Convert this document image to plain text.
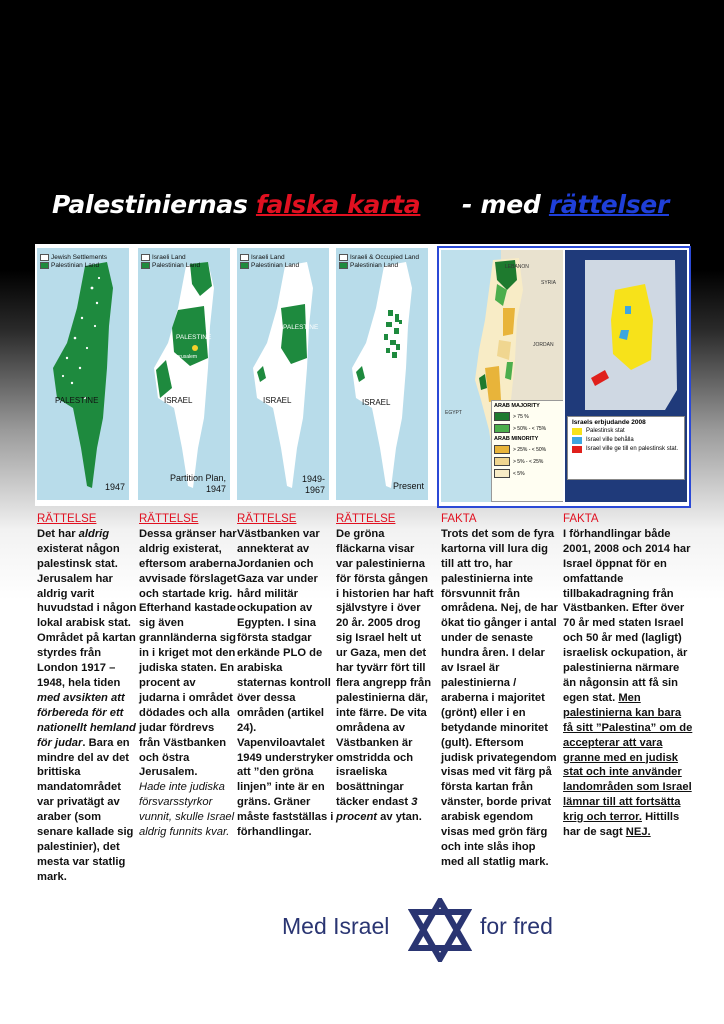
Palestiniernas falska karta - med rättelser
Jewish Settlements
Palestinian Land
PALESTINE
1947
Israeli Land
Palestinian Land
PALESTINE
Jerusalem
ISRAEL
Partition Plan, 1947
Israeli Land
Palestinian Land
PALESTINE
ISRAEL
1949-1967
Israeli & Occupied Land
Palestinian Land
ISRAEL
Present
LEBANON
SYRIA
JORDAN
EGYPT
ARAB MAJORITY
> 75 %
> 50% - < 75%
ARAB MINORITY
> 25% - < 50%
> 5% - < 25%
< 5%
Israels erbjudande 2008
Palestinsk stat
Israel ville behålla
Israel ville ge till en palestinsk stat.
RÄTTELSE
Det har aldrig existerat någon palestinsk stat. Jerusalem har aldrig varit huvudstad i någon lokal arabisk stat. Området på kartan styrdes från London 1917 – 1948, hela tiden med avsikten att förbereda för ett nationellt hemland för judar. Bara en mindre del av det brittiska mandatområdet var privatägt av araber (som senare kallade sig palestinier), det mesta var statlig mark.
RÄTTELSE
Dessa gränser har aldrig existerat, eftersom araberna avvisade förslaget och startade krig. Efterhand kastade sig även grannländerna sig in i kriget mot den judiska staten. En procent av judarna i området dödades och alla judar fördrevs från Västbanken och östra Jerusalem.
Hade inte judiska försvarsstyrkor vunnit, skulle Israel aldrig funnits kvar.
RÄTTELSE
Västbanken var annekterat av Jordanien och Gaza var under hård militär ockupation av Egypten. I sina första stadgar erkände PLO de arabiska staternas kontroll över dessa områden (artikel 24). Vapenviloavtalet 1949 understryker att ”den gröna linjen” inte är en gräns. Gräner måste fastställas i förhandlingar.
RÄTTELSE
De gröna fläckarna visar var palestinierna för första gången i historien har haft självstyre i över 20 år. 2005 drog sig Israel helt ut ur Gaza, men det har tyvärr fört till flera angrepp från palestinierna där, inte färre. De vita områdena av Västbanken är omstridda och israeliska bosättningar täcker endast 3 procent av ytan.
FAKTA
Trots det som de fyra kartorna vill lura dig till att tro, har palestinierna inte försvunnit från områdena. Nej, de har ökat tio gånger i antal under de senaste hundra åren. I delar av Israel är palestinierna / araberna i majoritet (grönt) eller i en betydande minoritet (gult). Eftersom judisk privategendom visas med vit färg på första kartan från vänster, borde privat arabisk egendom visas med grön färg och inte slås ihop med all statlig mark.
FAKTA
I förhandlingar både 2001, 2008 och 2014 har Israel öppnat för en omfattande tillbakadragning från Västbanken. Efter över 70 år med staten Israel och 50 år med (lagligt) israelisk ockupation, är palestinierna närmare än någonsin att få sin egen stat. Men palestinierna kan bara få sitt ”Palestina” om de accepterar att vara granne med en judisk stat och inte använder landområden som Israel lämnar till att fortsätta krig och terror. Hittills har de sagt NEJ.
Med Israel	for fred
